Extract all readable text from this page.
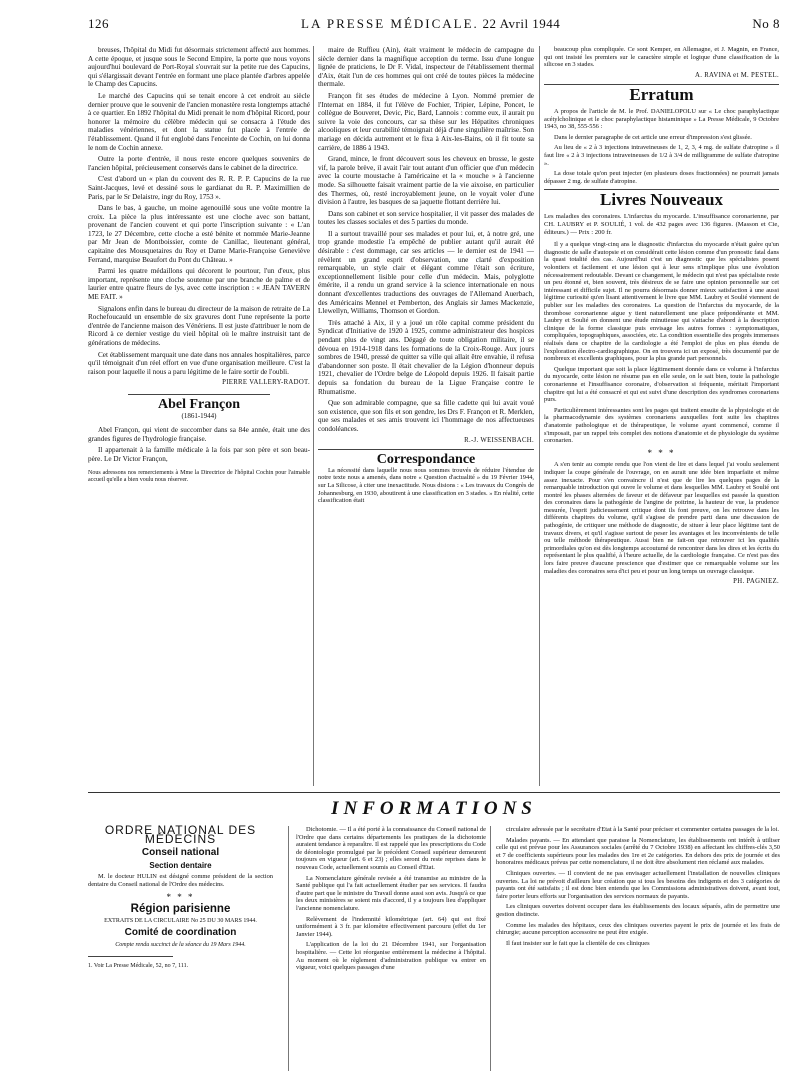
126	LA PRESSE MÉDICALE. 22 Avril 1944	No 8

breuses, l'hôpital du Midi fut désormais strictement affecté aux hommes. A cette époque, et jusque sous le Second Empire, la porte que nous voyons aujourd'hui boulevard de Port-Royal s'ouvrait sur la petite rue des Capucins, qui s'élargissait devant l'entrée en formant une place plantée d'arbres appelée le Champ des Capucins.

Le marché des Capucins qui se tenait encore à cet endroit au siècle dernier prouve que le souvenir de l'ancien monastère resta longtemps attaché à ce quartier. En 1892 l'hôpital du Midi prenait le nom d'hôpital Ricord, pour honorer la mémoire du célèbre médecin qui se consacra à l'étude des maladies vénériennes, et dont la statue fut placée à l'entrée de l'établissement. Quand il fut englobé dans l'enceinte de Cochin, on lui donna le nom de Cochin annexe.

Outre la porte d'entrée, il nous reste encore quelques souvenirs de l'ancien hôpital, précieusement conservés dans le cabinet de la directrice.

C'est d'abord un « plan du couvent des R. R. P. P. Capucins de la rue Saint-Jacques, levé et dessiné sous le gardianat du R. P. Maximillien de Paris, par le Sr Delaistre, ingr du Roy, 1753 ».

Dans le bas, à gauche, un moine agenouillé sous une voûte montre la croix. La pièce la plus intéressante est une cloche avec son battant, provenant de l'ancien couvent et qui porte l'inscription suivante : « L'an 1723, le 27 Décembre, cette cloche a esté bénite et nommée Marie-Jeanne par Mr Jean de Montboissier, comte de Canillac, lieutenant général, capitaine des Mousquetaires du Roy et Dame Marie-Françoise Geneviève Ferrand, marquise Beaufort du Pont du Château. »

Parmi les quatre médaillons qui décorent le pourtour, l'un d'eux, plus important, représente une cloche soutenue par une branche de palme et de laurier entre quatre fleurs de lys, avec cette inscription : « JEAN TAVERN ME FAIT. »

Signalons enfin dans le bureau du directeur de la maison de retraite de La Rochefoucauld un ensemble de six gravures dont l'une représente la porte d'entrée de l'ancienne maison des Vénériens. Il est juste d'attribuer le nom de Ricord à ce dernier vestige du vieil hôpital où le maître instruisit tant de générations de médecins.

Cet établissement marquait une date dans nos annales hospitalières, parce qu'il témoignait d'un réel effort en vue d'une organisation meilleure. C'est la raison pour laquelle il nous a paru légitime de le faire sortir de l'oubli.

PIERRE VALLERY-RADOT.
Abel Françon
(1861-1944)

Abel Françon, qui vient de succomber dans sa 84e année, était une des grandes figures de l'hydrologie française.

Il appartenait à la famille médicale à la fois par son père et son beau-père. Le Dr Victor Françon,

Nous adressons nos remerciements à Mme la Directrice de l'hôpital Cochin pour l'aimable accueil qu'elle a bien voulu nous réserver.

maire de Ruffieu (Ain), était vraiment le médecin de campagne du siècle dernier dans la magnifique acception du terme. Issu d'une longue lignée de praticiens, le Dr F. Vidal, inspecteur de l'établissement thermal d'Aix, était l'un de ces hommes qui ont créé de toutes pièces la médecine thermale.

Françon fit ses études de médecine à Lyon. Nommé premier de l'Internat en 1884, il fut l'élève de Fochier, Tripier, Lépine, Poncet, le collègue de Bouveret, Devic, Pic, Bard, Lannois : comme eux, il aurait pu suivre la voie des concours, car sa thèse sur les Hépatites chroniques alcooliques et leur curabilité témoignait déjà d'une singulière maîtrise. Son mariage en décida autrement et le fixa à Aix-les-Bains, où il fit toute sa carrière, de 1886 à 1943.

Grand, mince, le front découvert sous les cheveux en brosse, le geste vif, la parole brève, il avait l'air tout autant d'un officier que d'un médecin avec la courte moustache à l'américaine et la « mouche » à l'ancienne mode. Sa silhouette faisait vraiment partie de la vie aixoise, en particulier des Thermes, où, resté incroyablement jeune, on le voyait voler d'une division à l'autre, les basques de sa jaquette flottant derrière lui.

Dans son cabinet et son service hospitalier, il vit passer des malades de toutes les classes sociales et des 5 parties du monde.

Il a surtout travaillé pour ses malades et pour lui, et, à notre gré, une trop grande modestie l'a empêché de publier autant qu'il aurait été désirable : c'est dommage, car ses articles — le dernier est de 1941 — révèlent un grand esprit d'observation, une clarté d'exposition remarquable, un style clair et élégant comme l'était son écriture, exceptionnellement lisible pour celle d'un médecin. Mais, polyglotte émérite, il a rendu un grand service à la science internationale en nous donnant d'excellentes traductions des ouvrages de l'Allemand Auerbach, des Américains Mennel et Pemberton, des Anglais sir James Mackenzie, Llewellyn, Williams, Thomson et Gordon.

Très attaché à Aix, il y a joué un rôle capital comme président du Syndicat d'Initiative de 1920 à 1925, comme administrateur des hospices pendant plus de vingt ans. Dégagé de toute obligation militaire, il se dévoua en 1914-1918 dans les formations de la Croix-Rouge. Aux jours sombres de 1940, pressé de quitter sa ville qui allait être envahie, il refusa d'abandonner son poste. Il était chevalier de la Légion d'honneur depuis 1921, chevalier de l'Ordre belge de Léopold depuis 1926. Il faisait partie depuis sa fondation du bureau de la Ligue Française contre le Rhumatisme.

Que son admirable compagne, que sa fille cadette qui lui avait voué son existence, que son fils et son gendre, les Drs F. Françon et R. Merklen, que ses malades et ses amis trouvent ici l'hommage de nos affectueuses condoléances.

R.-J. WEISSENBACH.
Correspondance

La nécessité dans laquelle nous nous sommes trouvés de réduire l'étendue de notre texte nous a amenés, dans notre « Question d'actualité » du 19 Février 1944, sur La Silicose, à citer une inexactitude. Nous disions : « Les travaux du Congrès de Johannesburg, en 1930, aboutirent à une classification en 3 stades. » En réalité, cette classification était

beaucoup plus compliquée. Ce sont Kemper, en Allemagne, et J. Magnin, en France, qui ont insisté les premiers sur le caractère simple et logique d'une classification de la silicose en 3 stades.

A. RAVINA et M. PESTEL.
Erratum

A propos de l'article de M. le Prof. DANIELOPOLU sur « Le choc paraphylactique acétylcholinique et le choc paraphylactique histaminique » La Presse Médicale, 9 Octobre 1943, no 38, 555-556 :

Dans le dernier paragraphe de cet article une erreur d'impression s'est glissée.

Au lieu de « 2 à 3 injections intraveineuses de 1, 2, 3, 4 mg. de sulfate d'atropine » il faut lire « 2 à 3 injections intraveineuses de 1/2 à 3/4 de milligramme de sulfate d'atropine ».

La dose totale qu'on peut injecter (en plusieurs doses fractionnées) ne pourrait jamais dépasser 2 mg. de sulfate d'atropine.

Livres Nouveaux
Les maladies des coronaires. L'infarctus du myocarde. L'insuffisance coronarienne, par CH. LAUBRY et P. SOULIÉ, 1 vol. de 432 pages avec 136 figures. (Masson et Cie, éditeurs.) — Prix : 200 fr.

Il y a quelque vingt-cinq ans le diagnostic d'infarctus du myocarde n'était guère qu'un diagnostic de salle d'autopsie et on considérait cette lésion comme d'un pronostic fatal dans la quasi totalité des cas. Aujourd'hui c'est un diagnostic que les spécialistes posent volontiers et facilement et une lésion qui à leur sens n'implique plus une évolution nécessairement redoutable. Devant ce changement, le médecin qui n'est pas spécialiste reste un peu étonné et, bien souvent, très désireux de se faire une opinion personnelle sur cet intéressant et difficile sujet. Il ne pourra désormais donner mieux satisfaction à une aussi légitime curiosité qu'en lisant attentivement le livre que MM. Laubry et Soulié viennent de publier sur les maladies des coronaires. La question de l'infarctus du myocarde, de la thrombose coronarienne aigue y tient naturellement une place prépondérante et MM. Laubry et Soulié en donnent une étude minutieuse qui s'attache d'abord à la description clinique de la forme classique puis envisage les autres formes : symptomatiques, compliquées, topographiques, associées, etc. La condition essentielle des progrès immenses réalisés dans ce chapitre de la cardiologie a été l'emploi de plus en plus étendu de l'exploration électro-cardiographique. On en trouvera ici un exposé, très documenté par de nombreux et excellents graphiques, pour la plus grande part personnels.

Quelque important que soit la place légitimement donnée dans ce volume à l'infarctus du myocarde, cette lésion ne résume pas en elle seule, on le sait bien, toute la pathologie coronarienne et l'insuffisance coronaire, d'observation si fréquente, méritait l'important chapitre qui lui a été consacré et qui est suivi d'une description des syndromes coronariens purs.

Particulièrement intéressantes sont les pages qui traitent ensuite de la physiologie et de la pharmacodynamie des systèmes coronariens auxquelles font suite les chapitres d'anatomie pathologique et de thérapeutique, le volume ayant commencé, comme il s'imposait, par un rappel très complet des notions d'anatomie et de physiologie du système coronarien.

* * *

A s'en tenir au compte rendu que l'on vient de lire et dans lequel j'ai voulu seulement indiquer la coupe générale de l'ouvrage, on en aurait une idée bien imparfaite et même assez inexacte. Pour s'en convaincre il n'est que de lire les quelques pages de la remarquable introduction qui ouvre le volume et dans lesquelles MM. Laubry et Soulié ont montré les phases alternées de faveur et de défaveur par lesquelles est passée la question des coronaires dans la pathogénie de l'angine de poitrine, la hauteur de vue, la prudence mesurée, l'esprit judicieusement critique dont ils font preuve, on les retrouve dans les différents chapitres du volume, qu'il s'agisse de prendre parti dans une discussion de pathogénie, de critiquer une méthode de diagnostic, de situer à leur place légitime tant de travaux divers, et qu'il s'agisse surtout de peser les avantages et les inconvénients de telle ou telle méthode thérapeutique. Aussi bien ne fait-on que retrouver ici les qualités primordiales qu'on est dès longtemps accoutumé de rencontrer dans les dires et les écrits du représentant le plus qualifié, à l'heure actuelle, de la cardiologie française. Ce n'est pas des lors faire preuve d'aucune prescience que d'estimer que ce remarquable volume sur les maladies des coronaires sera d'ici peu et pour un long temps un ouvrage classique.

PH. PAGNIEZ.
INFORMATIONS
ORDRE NATIONAL DES MÉDECINS
Conseil national
Section dentaire

M. le docteur HULIN est désigné comme président de la section dentaire du Conseil national de l'Ordre des médecins.

* * *
Région parisienne
EXTRAITS DE LA CIRCULAIRE No 25 DU 30 MARS 1944.
Comité de coordination
Compte rendu succinct de la séance du 19 Mars 1944.
1. Voir La Presse Médicale, 52, no 7, 111.

Dichotomie. — Il a été porté à la connaissance du Conseil national de l'Ordre que dans certains départements les pratiques de la dichotomie auraient tendance à reparaître. Il est rappelé que les prescriptions du Code de déontologie promulgué par le précédent Conseil supérieur demeurent toujours en vigueur (art. 6 et 23) ; elles seront du reste reprises dans le nouveau Code, actuellement soumis au Conseil d'Etat.

La Nomenclature générale revisée a été transmise au ministre de la Santé publique qui l'a fait actuellement étudier par ses services. Il faudra d'autre part que le ministre du Travail donne aussi son avis. Jusqu'à ce que les deux ministères se soient mis d'accord, il y a toujours lieu d'appliquer l'ancienne nomenclature.

Relèvement de l'indemnité kilométrique (art. 64) qui est fixé uniformément à 3 fr. par kilomètre effectivement parcouru (effet du 1er Janvier 1944).

L'application de la loi du 21 Décembre 1941, sur l'organisation hospitalière. — Cette loi réorganise entièrement la médecine à l'hôpital. Au moment où le règlement d'administration publique va entrer en vigueur, voici quelques passages d'une

circulaire adressée par le secrétaire d'Etat à la Santé pour préciser et commenter certains passages de la loi.

Malades payants. — En attendant que paraisse la Nomenclature, les établissements ont intérêt à utiliser celle qui est prévue pour les Assurances sociales (arrêté du 7 Octobre 1938) en affectant les chiffres-clés 3,50 et 7 de coefficients supérieurs pour les malades des 1re et 2e catégories. En dehors des prix de journée et des honoraires médicaux prévus par cette nomenclature, il ne doit être absolument rien réclamé aux malades.

Cliniques ouvertes. — Il convient de ne pas envisager actuellement l'installation de nouvelles cliniques ouvertes. La loi ne prévoit d'ailleurs leur création que si tous les besoins des indigents et des 3 catégories de payants ont été satisfaits ; il est donc bien entendu que les Commissions administratives doivent, avant tout, faire porter leurs efforts sur l'organisation des services normaux de payants.

Les cliniques ouvertes doivent occuper dans les établissements des locaux séparés, afin de permettre une gestion distincte.

Comme les malades des hôpitaux, ceux des cliniques ouvertes payent le prix de journée et les frais de chirurgie; aucune perception accessoire ne peut être exigée.

Il faut insister sur le fait que la clientèle de ces cliniques
